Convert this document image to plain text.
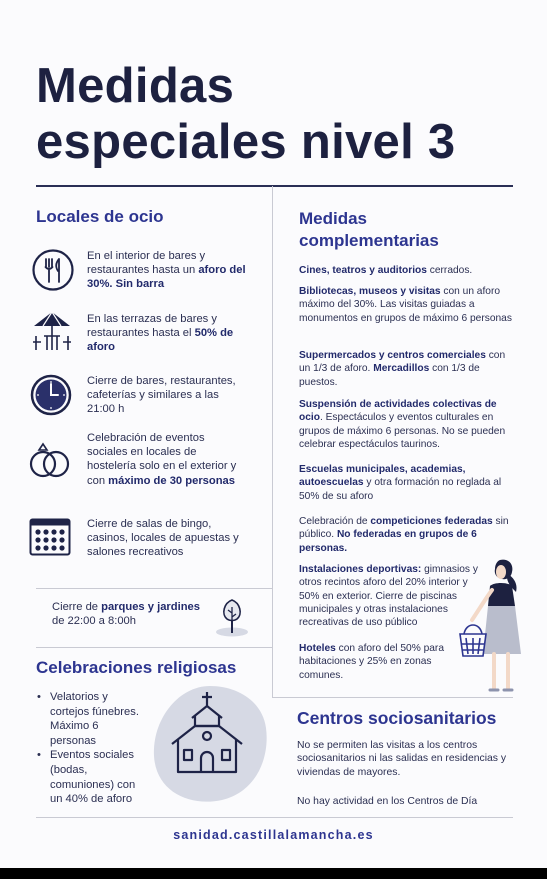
Medidas
especiales nivel 3
Locales de ocio
En el interior de bares y restaurantes hasta un aforo del 30%. Sin barra
En las terrazas de bares y restaurantes hasta el 50% de aforo
Cierre de bares, restaurantes, cafeterías y similares a las 21:00 h
Celebración de eventos sociales en locales de hostelería solo en el exterior y con máximo de 30 personas
Cierre de salas de bingo, casinos, locales de apuestas y salones recreativos
Cierre de parques y jardines de 22:00 a 8:00h
Celebraciones religiosas
• Velatorios y cortejos fúnebres. Máximo 6 personas
• Eventos sociales (bodas, comuniones) con un 40% de aforo
Medidas
complementarias
Cines, teatros y auditorios cerrados.
Bibliotecas, museos y visitas con un aforo máximo del 30%. Las visitas guiadas a monumentos en grupos de máximo 6 personas
Supermercados y centros comerciales con un 1/3 de aforo. Mercadillos con 1/3 de puestos.
Suspensión de actividades colectivas de ocio. Espectáculos y eventos culturales en grupos de máximo 6 personas. No se pueden celebrar espectáculos taurinos.
Escuelas municipales, academias, autoescuelas y otra formación no reglada al 50% de su aforo
Celebración de competiciones federadas sin público. No federadas en grupos de 6 personas.
Instalaciones deportivas: gimnasios y otros recintos aforo del 20% interior y 50% en exterior. Cierre de piscinas municipales y otras instalaciones recreativas de uso público
Hoteles con aforo del 50% para habitaciones y 25% en zonas comunes.
Centros sociosanitarios
No se permiten las visitas a los centros sociosanitarios ni las salidas en residencias y viviendas de mayores.
No hay actividad en los Centros de Día
sanidad.castillalamancha.es
